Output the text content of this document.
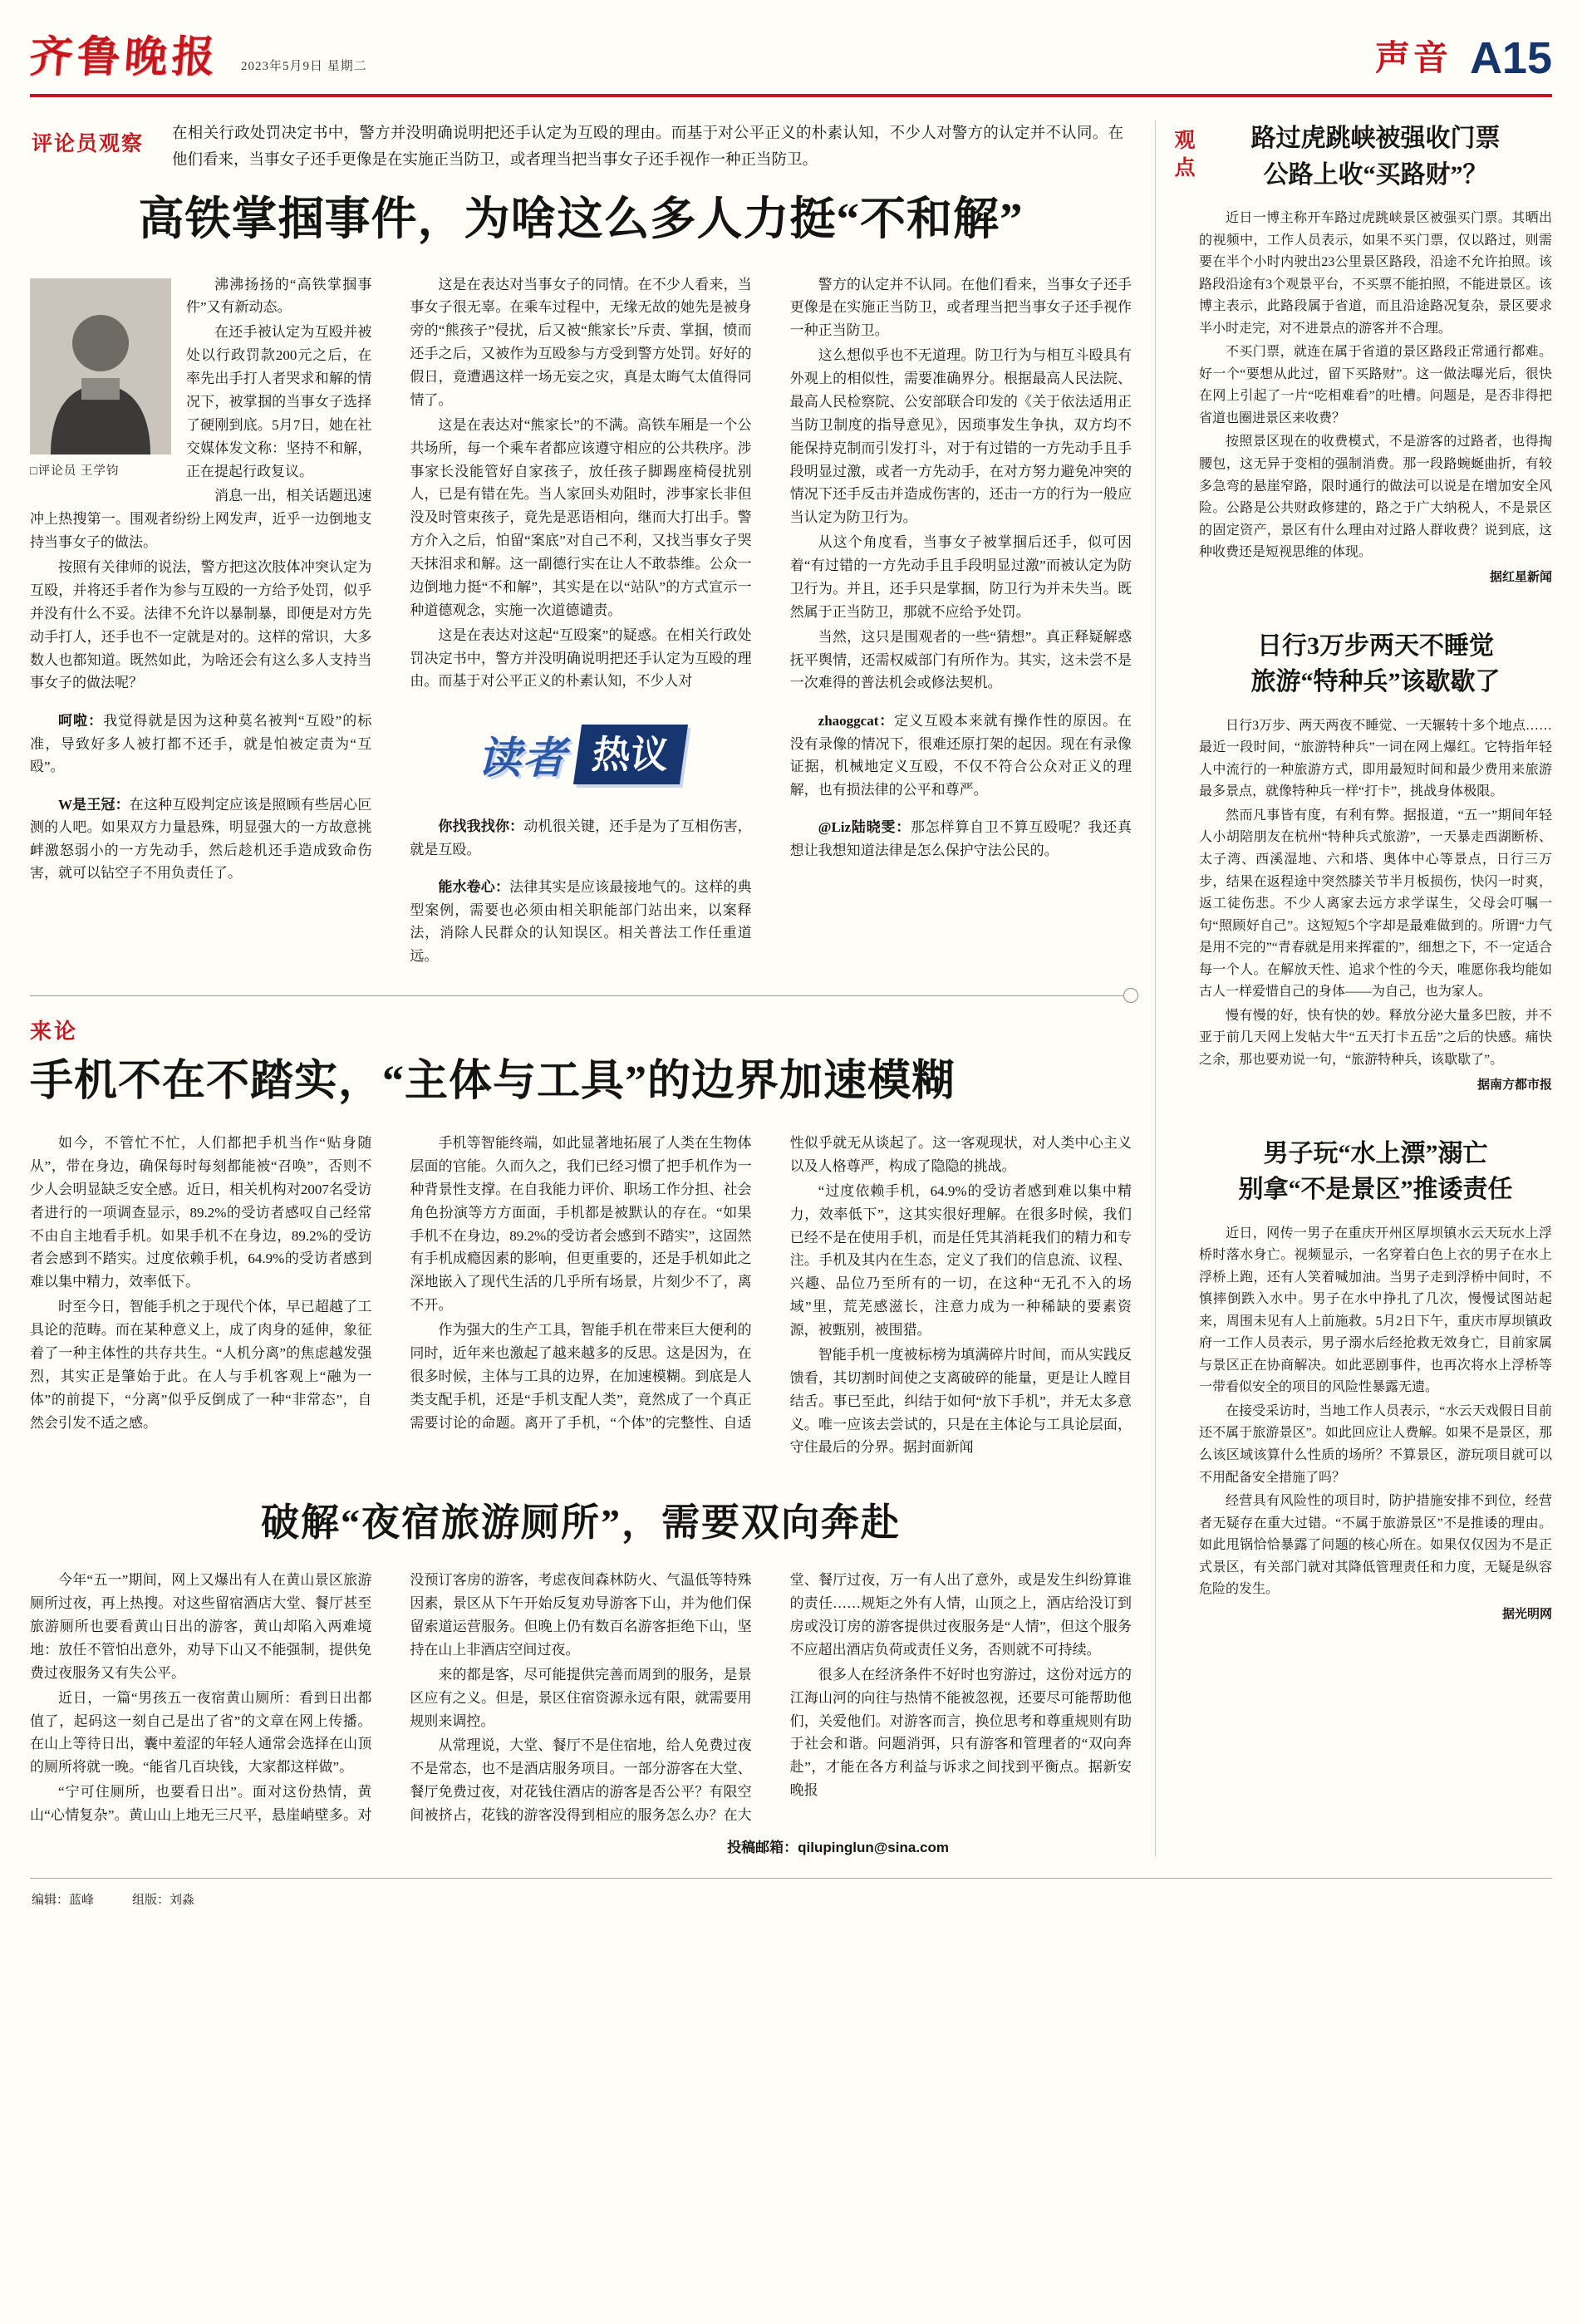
齐鲁晚报 2023年5月9日 星期二	声音 A15
评论员观察 在相关行政处罚决定书中，警方并没明确说明把还手认定为互殴的理由。而基于对公平正义的朴素认知，不少人对警方的认定并不认同。在他们看来，当事女子还手更像是在实施正当防卫，或者理当把当事女子还手视作一种正当防卫。
高铁掌掴事件，为啥这么多人力挺“不和解”
□评论员 王学钧

沸沸扬扬的“高铁掌掴事件”又有新动态。

在还手被认定为互殴并被处以行政罚款200元之后，在率先出手打人者哭求和解的情况下，被掌掴的当事女子选择了硬刚到底。5月7日，她在社交媒体发文称：坚持不和解，正在提起行政复议。

消息一出，相关话题迅速冲上热搜第一。围观者纷纷上网发声，近乎一边倒地支持当事女子的做法。

按照有关律师的说法，警方把这次肢体冲突认定为互殴，并将还手者作为参与互殴的一方给予处罚，似乎并没有什么不妥。法律不允许以暴制暴，即便是对方先动手打人，还手也不一定就是对的。这样的常识，大多数人也都知道。既然如此，为啥还会有这么多人支持当事女子的做法呢？

呵啦：我觉得就是因为这种莫名被判“互殴”的标准，导致好多人被打都不还手，就是怕被定责为“互殴”。
W是王冠：在这种互殴判定应该是照顾有些居心叵测的人吧。如果双方力量悬殊，明显强大的一方故意挑衅激怒弱小的一方先动手，然后趁机还手造成致命伤害，就可以钻空子不用负责任了。

这是在表达对当事女子的同情。在不少人看来，当事女子很无辜。在乘车过程中，无缘无故的她先是被身旁的“熊孩子”侵扰，后又被“熊家长”斥责、掌掴，愤而还手之后，又被作为互殴参与方受到警方处罚。好好的假日，竟遭遇这样一场无妄之灾，真是太晦气太值得同情了。

这是在表达对“熊家长”的不满。高铁车厢是一个公共场所，每一个乘车者都应该遵守相应的公共秩序。涉事家长没能管好自家孩子，放任孩子脚踢座椅侵扰别人，已是有错在先。当人家回头劝阻时，涉事家长非但没及时管束孩子，竟先是恶语相向，继而大打出手。警方介入之后，怕留“案底”对自己不利，又找当事女子哭天抹泪求和解。这一副德行实在让人不敢恭维。公众一边倒地力挺“不和解”，其实是在以“站队”的方式宣示一种道德观念，实施一次道德谴责。

这是在表达对这起“互殴案”的疑惑。在相关行政处罚决定书中，警方并没明确说明把还手认定为互殴的理由。而基于对公平正义的朴素认知，不少人对

读者 热议
你找我找你：动机很关键，还手是为了互相伤害，就是互殴。
能水卷心：法律其实是应该最接地气的。这样的典型案例，需要也必须由相关职能部门站出来，以案释法，消除人民群众的认知误区。相关普法工作任重道远。

警方的认定并不认同。在他们看来，当事女子还手更像是在实施正当防卫，或者理当把当事女子还手视作一种正当防卫。

这么想似乎也不无道理。防卫行为与相互斗殴具有外观上的相似性，需要准确界分。根据最高人民法院、最高人民检察院、公安部联合印发的《关于依法适用正当防卫制度的指导意见》，因琐事发生争执，双方均不能保持克制而引发打斗，对于有过错的一方先动手且手段明显过激，或者一方先动手，在对方努力避免冲突的情况下还手反击并造成伤害的，还击一方的行为一般应当认定为防卫行为。

从这个角度看，当事女子被掌掴后还手，似可因着“有过错的一方先动手且手段明显过激”而被认定为防卫行为。并且，还手只是掌掴，防卫行为并未失当。既然属于正当防卫，那就不应给予处罚。

当然，这只是围观者的一些“猜想”。真正释疑解惑抚平舆情，还需权威部门有所作为。其实，这未尝不是一次难得的普法机会或修法契机。

zhaoggcat：定义互殴本来就有操作性的原因。在没有录像的情况下，很难还原打架的起因。现在有录像证据，机械地定义互殴，不仅不符合公众对正义的理解，也有损法律的公平和尊严。
@Liz陆晓雯：那怎样算自卫不算互殴呢？我还真想让我想知道法律是怎么保护守法公民的。
来论
手机不在不踏实，“主体与工具”的边界加速模糊

如今，不管忙不忙，人们都把手机当作“贴身随从”，带在身边，确保每时每刻都能被“召唤”，否则不少人会明显缺乏安全感。近日，相关机构对2007名受访者进行的一项调查显示，89.2%的受访者感叹自己经常不由自主地看手机。如果手机不在身边，89.2%的受访者会感到不踏实。过度依赖手机，64.9%的受访者感到难以集中精力，效率低下。

时至今日，智能手机之于现代个体，早已超越了工具论的范畴。而在某种意义上，成了肉身的延伸，象征着了一种主体性的共存共生。“人机分离”的焦虑越发强烈，其实正是肇始于此。在人与手机客观上“融为一体”的前提下，“分离”似乎反倒成了一种“非常态”，自然会引发不适之感。

手机等智能终端，如此显著地拓展了人类在生物体层面的官能。久而久之，我们已经习惯了把手机作为一种背景性支撑。在自我能力评价、职场工作分担、社会角色扮演等方方面面，手机都是被默认的存在。“如果手机不在身边，89.2%的受访者会感到不踏实”，这固然有手机成瘾因素的影响，但更重要的，还是手机如此之深地嵌入了现代生活的几乎所有场景，片刻少不了，离不开。

作为强大的生产工具，智能手机在带来巨大便利的同时，近年来也激起了越来越多的反思。这是因为，在很多时候，主体与工具的边界，在加速模糊。到底是人类支配手机，还是“手机支配人类”，竟然成了一个真正需要讨论的命题。离开了手机，“个体”的完整性、自适性似乎就无从谈起了。这一客观现状，对人类中心主义以及人格尊严，构成了隐隐的挑战。

“过度依赖手机，64.9%的受访者感到难以集中精力，效率低下”，这其实很好理解。在很多时候，我们已经不是在使用手机，而是任凭其消耗我们的精力和专注。手机及其内在生态，定义了我们的信息流、议程、兴趣、品位乃至所有的一切，在这种“无孔不入的场域”里，荒芜感滋长，注意力成为一种稀缺的要素资源，被甄别，被围猎。

智能手机一度被标榜为填满碎片时间，而从实践反馈看，其切割时间使之支离破碎的能量，更是让人瞠目结舌。事已至此，纠结于如何“放下手机”，并无太多意义。唯一应该去尝试的，只是在主体论与工具论层面，守住最后的分界。据封面新闻

破解“夜宿旅游厕所”，需要双向奔赴

今年“五一”期间，网上又爆出有人在黄山景区旅游厕所过夜，再上热搜。对这些留宿酒店大堂、餐厅甚至旅游厕所也要看黄山日出的游客，黄山却陷入两难境地：放任不管怕出意外，劝导下山又不能强制，提供免费过夜服务又有失公平。

近日，一篇“男孩五一夜宿黄山厕所：看到日出都值了，起码这一刻自己是出了省”的文章在网上传播。在山上等待日出，囊中羞涩的年轻人通常会选择在山顶的厕所将就一晚。“能省几百块钱，大家都这样做”。

“宁可住厕所，也要看日出”。面对这份热情，黄山“心情复杂”。黄山山上地无三尺平，悬崖峭壁多。对没预订客房的游客，考虑夜间森林防火、气温低等特殊因素，景区从下午开始反复劝导游客下山，并为他们保留索道运营服务。但晚上仍有数百名游客拒绝下山，坚持在山上非酒店空间过夜。

来的都是客，尽可能提供完善而周到的服务，是景区应有之义。但是，景区住宿资源永远有限，就需要用规则来调控。

从常理说，大堂、餐厅不是住宿地，给人免费过夜不是常态，也不是酒店服务项目。一部分游客在大堂、餐厅免费过夜，对花钱住酒店的游客是否公平？有限空间被挤占，花钱的游客没得到相应的服务怎么办？在大堂、餐厅过夜，万一有人出了意外，或是发生纠纷算谁的责任……规矩之外有人情，山顶之上，酒店给没订到房或没订房的游客提供过夜服务是“人情”，但这个服务不应超出酒店负荷或责任义务，否则就不可持续。

很多人在经济条件不好时也穷游过，这份对远方的江海山河的向往与热情不能被忽视，还要尽可能帮助他们，关爱他们。对游客而言，换位思考和尊重规则有助于社会和谐。问题消弭，只有游客和管理者的“双向奔赴”，才能在各方利益与诉求之间找到平衡点。据新安晚报

投稿邮箱：qilupinglun@sina.com
观点	路过虎跳峡被强收门票
公路上收“买路财”？

近日一博主称开车路过虎跳峡景区被强买门票。其晒出的视频中，工作人员表示，如果不买门票，仅以路过，则需要在半个小时内驶出23公里景区路段，沿途不允许拍照。该路段沿途有3个观景平台，不买票不能拍照，不能进景区。该博主表示，此路段属于省道，而且沿途路况复杂，景区要求半小时走完，对不进景点的游客并不合理。

不买门票，就连在属于省道的景区路段正常通行都难。好一个“要想从此过，留下买路财”。这一做法曝光后，很快在网上引起了一片“吃相难看”的吐槽。问题是，是否非得把省道也圈进景区来收费？

按照景区现在的收费模式，不是游客的过路者，也得掏腰包，这无异于变相的强制消费。那一段路蜿蜒曲折，有较多急弯的悬崖窄路，限时通行的做法可以说是在增加安全风险。公路是公共财政修建的，路之于广大纳税人，不是景区的固定资产，景区有什么理由对过路人群收费？说到底，这种收费还是短视思维的体现。

据红星新闻
日行3万步两天不睡觉
旅游“特种兵”该歇歇了

日行3万步、两天两夜不睡觉、一天辗转十多个地点……最近一段时间，“旅游特种兵”一词在网上爆红。它特指年轻人中流行的一种旅游方式，即用最短时间和最少费用来旅游最多景点，就像特种兵一样“打卡”，挑战身体极限。

然而凡事皆有度，有利有弊。据报道，“五一”期间年轻人小胡陪朋友在杭州“特种兵式旅游”，一天暴走西湖断桥、太子湾、西溪湿地、六和塔、奥体中心等景点，日行三万步，结果在返程途中突然膝关节半月板损伤，快闪一时爽，返工徒伤悲。不少人离家去远方求学谋生，父母会叮嘱一句“照顾好自己”。这短短5个字却是最难做到的。所谓“力气是用不完的”“青春就是用来挥霍的”，细想之下，不一定适合每一个人。在解放天性、追求个性的今天，唯愿你我均能如古人一样爱惜自己的身体——为自己，也为家人。

慢有慢的好，快有快的妙。释放分泌大量多巴胺，并不亚于前几天网上发帖大牛“五天打卡五岳”之后的快感。痛快之余，那也要劝说一句，“旅游特种兵，该歇歇了”。

据南方都市报
男子玩“水上漂”溺亡
别拿“不是景区”推诿责任

近日，网传一男子在重庆开州区厚坝镇水云天玩水上浮桥时落水身亡。视频显示，一名穿着白色上衣的男子在水上浮桥上跑，还有人笑着喊加油。当男子走到浮桥中间时，不慎摔倒跌入水中。男子在水中挣扎了几次，慢慢试图站起来，周围未见有人上前施救。5月2日下午，重庆市厚坝镇政府一工作人员表示，男子溺水后经抢救无效身亡，目前家属与景区正在协商解决。如此恶剧事件，也再次将水上浮桥等一带看似安全的项目的风险性暴露无遗。

在接受采访时，当地工作人员表示，“水云天戏假日目前还不属于旅游景区”。如此回应让人费解。如果不是景区，那么该区域该算什么性质的场所？不算景区，游玩项目就可以不用配备安全措施了吗？

经营具有风险性的项目时，防护措施安排不到位，经营者无疑存在重大过错。“不属于旅游景区”不是推诿的理由。如此甩锅恰恰暴露了问题的核心所在。如果仅仅因为不是正式景区，有关部门就对其降低管理责任和力度，无疑是纵容危险的发生。

据光明网
编辑：蓝峰	组版：刘淼
